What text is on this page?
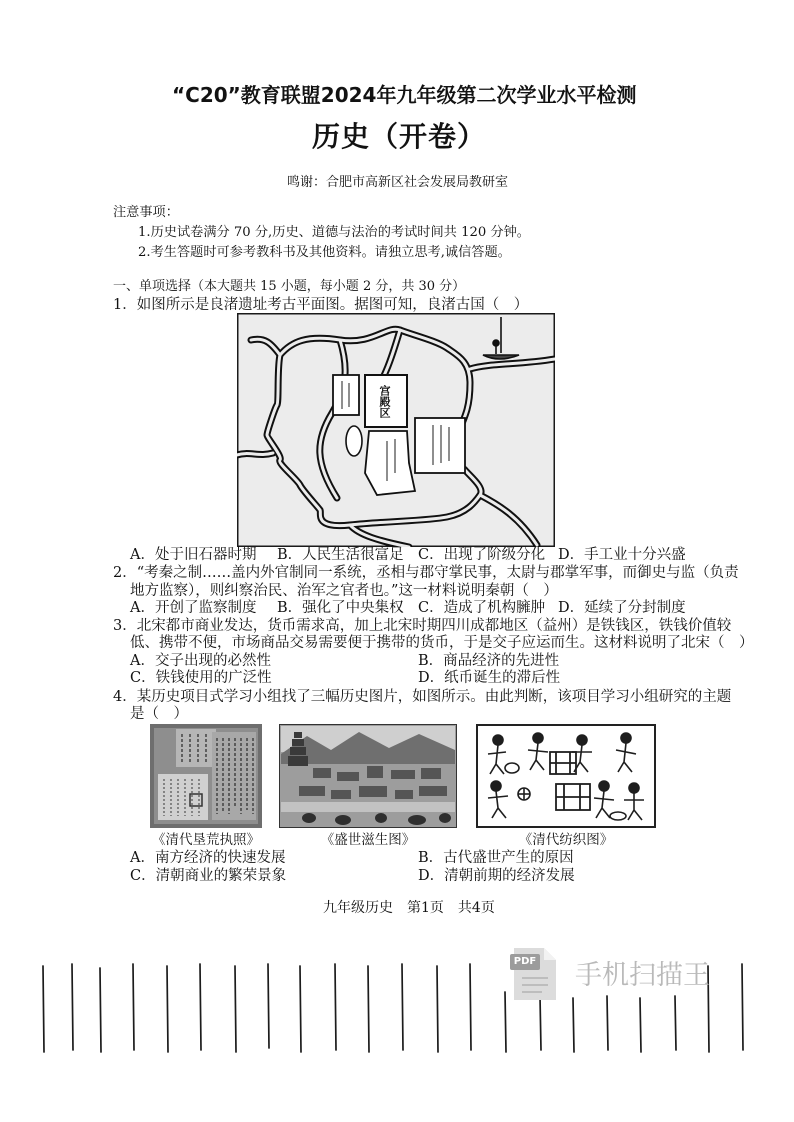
“C20”教育联盟2024年九年级第二次学业水平检测
历史（开卷）
鸣谢：合肥市高新区社会发展局教研室
注意事项：
1.历史试卷满分 70 分,历史、道德与法治的考试时间共 120 分钟。
2.考生答题时可参考教科书及其他资料。请独立思考,诚信答题。
一、单项选择（本大题共 15 小题，每小题 2 分，共 30 分）
1．如图所示是良渚遗址考古平面图。据图可知，良渚古国（　）
宫殿区
A．处于旧石器时期 B．人民生活很富足 C．出现了阶级分化 D．手工业十分兴盛
2．“考秦之制……盖内外官制同一系统，丞相与郡守掌民事，太尉与郡掌军事，而御史与监（负责
地方监察），则纠察治民、治军之官者也。”这一材料说明秦朝（　）
A．开创了监察制度 B．强化了中央集权 C．造成了机构臃肿 D．延续了分封制度
3．北宋都市商业发达，货币需求高，加上北宋时期四川成都地区（益州）是铁钱区，铁钱价值较
低、携带不便，市场商品交易需要便于携带的货币，于是交子应运而生。这材料说明了北宋（　）
A．交子出现的必然性	B．商品经济的先进性
C．铁钱使用的广泛性	D．纸币诞生的滞后性
4．某历史项目式学习小组找了三幅历史图片，如图所示。由此判断，该项目学习小组研究的主题
是（　）
《清代垦荒执照》	《盛世滋生图》	《清代纺织图》
A．南方经济的快速发展	B．古代盛世产生的原因
C．清朝商业的繁荣景象	D．清朝前期的经济发展
九年级历史　第1页　共4页
PDF 手机扫描王
